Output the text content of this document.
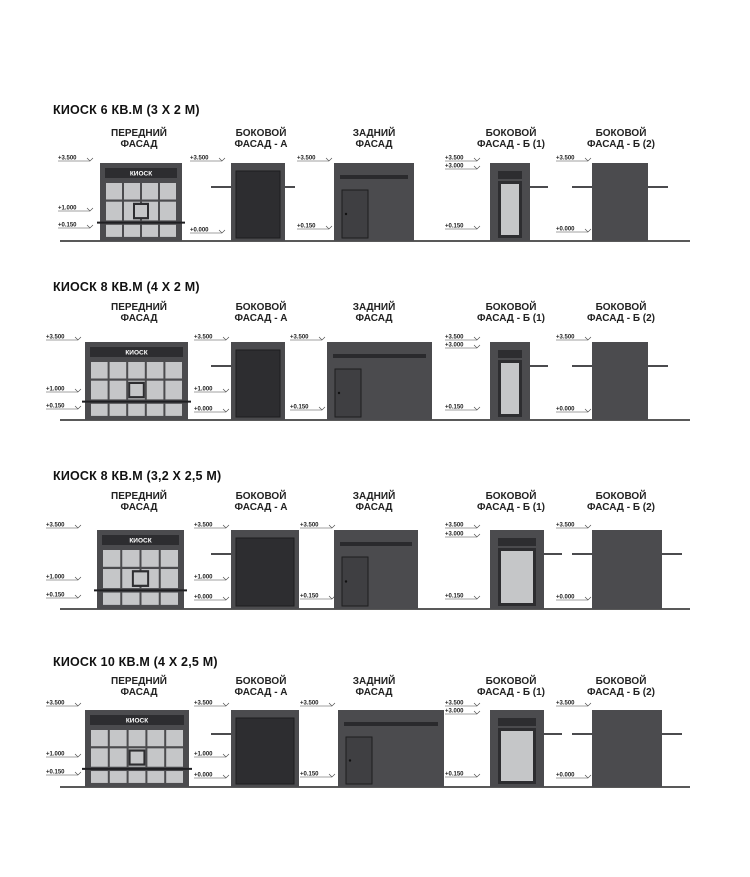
КИОСК 6 КВ.М (3 Х 2 М)
ПЕРЕДНИЙ
ФАСАД
БОКОВОЙ
ФАСАД - А
ЗАДНИЙ
ФАСАД
БОКОВОЙ
ФАСАД - Б (1)
БОКОВОЙ
ФАСАД - Б (2)
КИОСК 8 КВ.М (4 Х 2 М)
ПЕРЕДНИЙ
ФАСАД
БОКОВОЙ
ФАСАД - А
ЗАДНИЙ
ФАСАД
БОКОВОЙ
ФАСАД - Б (1)
БОКОВОЙ
ФАСАД - Б (2)
КИОСК 8 КВ.М (3,2 Х 2,5 М)
ПЕРЕДНИЙ
ФАСАД
БОКОВОЙ
ФАСАД - А
ЗАДНИЙ
ФАСАД
БОКОВОЙ
ФАСАД - Б (1)
БОКОВОЙ
ФАСАД - Б (2)
КИОСК 10 КВ.М (4 Х 2,5 М)
ПЕРЕДНИЙ
ФАСАД
БОКОВОЙ
ФАСАД - А
ЗАДНИЙ
ФАСАД
БОКОВОЙ
ФАСАД - Б (1)
БОКОВОЙ
ФАСАД - Б (2)
КИОСК
+3.500
+1.000
+0.150
+3.500
+0.000
+3.500
+0.150
+3.500
+3.000
+0.150
+3.500
+0.000
КИОСК
+3.500
+1.000
+0.150
+3.500
+1.000
+0.000
+3.500
+0.150
+3.500
+3.000
+0.150
+3.500
+0.000
КИОСК
+3.500
+1.000
+0.150
+3.500
+1.000
+0.000
+3.500
+0.150
+3.500
+3.000
+0.150
+3.500
+0.000
КИОСК
+3.500
+1.000
+0.150
+3.500
+1.000
+0.000
+3.500
+0.150
+3.500
+3.000
+0.150
+3.500
+0.000
